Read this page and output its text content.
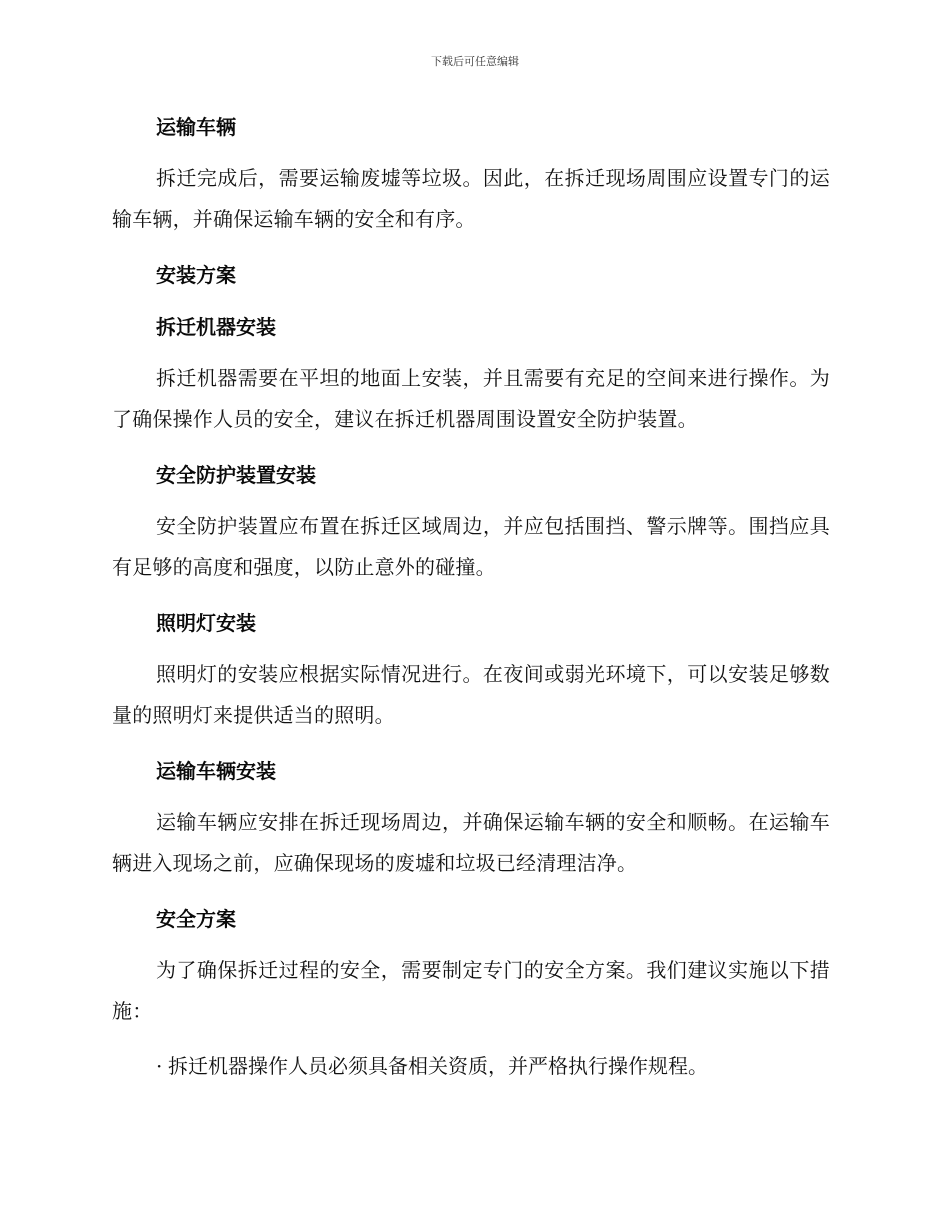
下载后可任意编辑
运输车辆

拆迁完成后，需要运输废墟等垃圾。因此，在拆迁现场周围应设置专门的运输车辆，并确保运输车辆的安全和有序。

安装方案
拆迁机器安装

拆迁机器需要在平坦的地面上安装，并且需要有充足的空间来进行操作。为了确保操作人员的安全，建议在拆迁机器周围设置安全防护装置。

安全防护装置安装

安全防护装置应布置在拆迁区域周边，并应包括围挡、警示牌等。围挡应具有足够的高度和强度，以防止意外的碰撞。

照明灯安装

照明灯的安装应根据实际情况进行。在夜间或弱光环境下，可以安装足够数量的照明灯来提供适当的照明。

运输车辆安装

运输车辆应安排在拆迁现场周边，并确保运输车辆的安全和顺畅。在运输车辆进入现场之前，应确保现场的废墟和垃圾已经清理洁净。

安全方案

为了确保拆迁过程的安全，需要制定专门的安全方案。我们建议实施以下措施：

· 拆迁机器操作人员必须具备相关资质，并严格执行操作规程。
